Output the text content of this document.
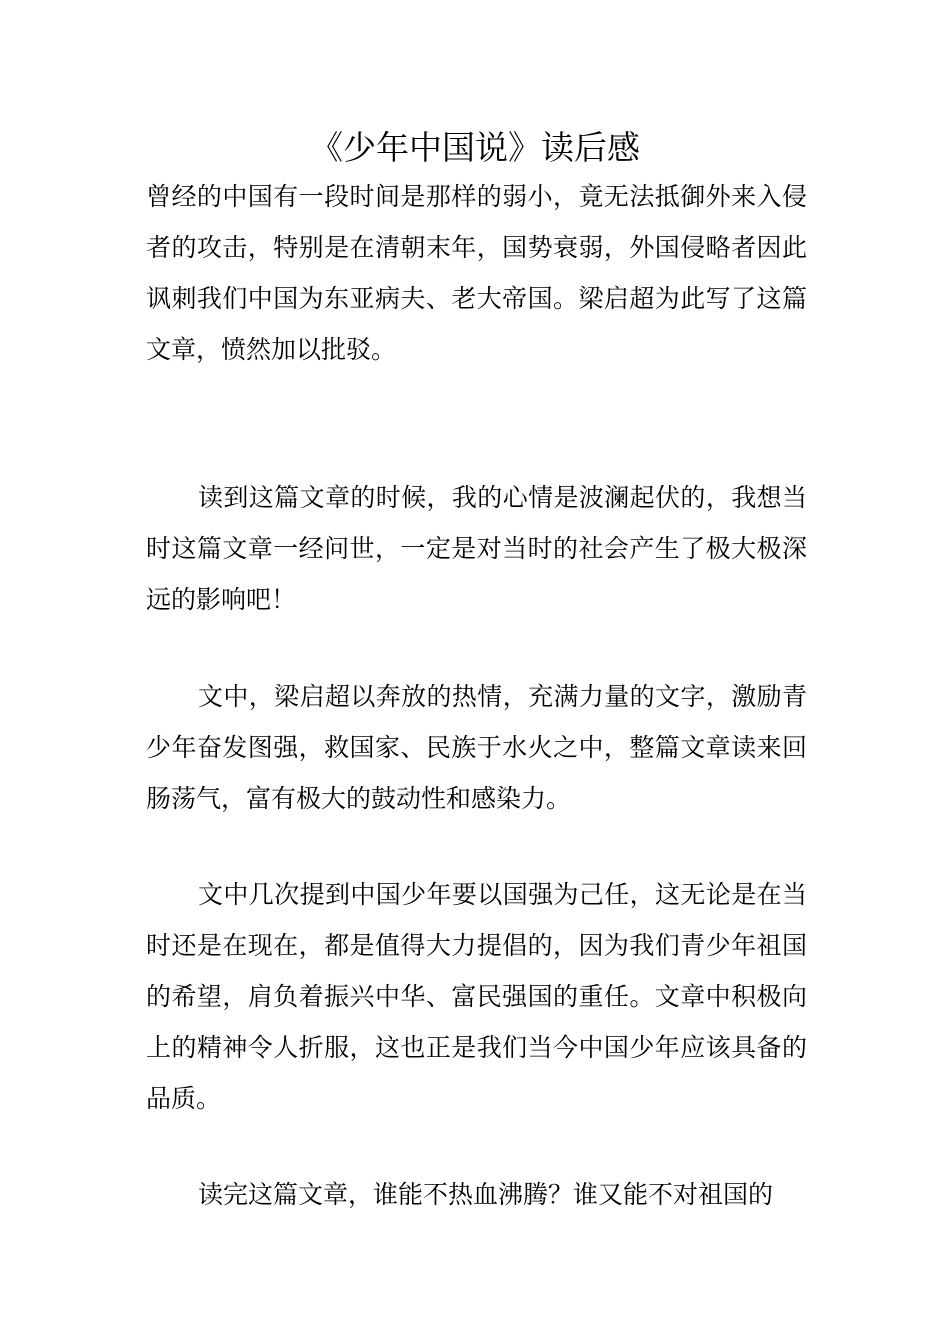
《少年中国说》读后感

曾经的中国有一段时间是那样的弱小，竟无法抵御外来入侵者的攻击，特别是在清朝末年，国势衰弱，外国侵略者因此讽刺我们中国为东亚病夫、老大帝国。梁启超为此写了这篇文章，愤然加以批驳。

读到这篇文章的时候，我的心情是波澜起伏的，我想当时这篇文章一经问世，一定是对当时的社会产生了极大极深远的影响吧！

文中，梁启超以奔放的热情，充满力量的文字，激励青少年奋发图强，救国家、民族于水火之中，整篇文章读来回肠荡气，富有极大的鼓动性和感染力。

文中几次提到中国少年要以国强为己任，这无论是在当时还是在现在，都是值得大力提倡的，因为我们青少年祖国的希望，肩负着振兴中华、富民强国的重任。文章中积极向上的精神令人折服，这也正是我们当今中国少年应该具备的品质。

读完这篇文章，谁能不热血沸腾？谁又能不对祖国的
